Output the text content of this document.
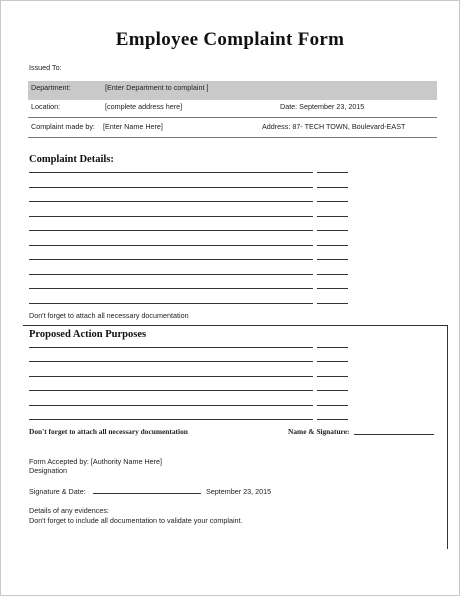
Employee Complaint Form
Issued To:
Department:	[Enter Department to complaint ]
Location:	[complete address here]	Date: September 23, 2015
Complaint made by: [Enter Name Here]	Address: 87- TECH TOWN, Boulevard-EAST
Complaint Details:
Don't forget to attach all necessary documentation
Proposed Action Purposes
Don't forget to attach all necessary documentation	Name & Signature:
Form Accepted by: [Authority Name Here]
Designation
Signature & Date:	September 23, 2015
Details of any evidences:
Don't forget to include all documentation to validate your complaint.
